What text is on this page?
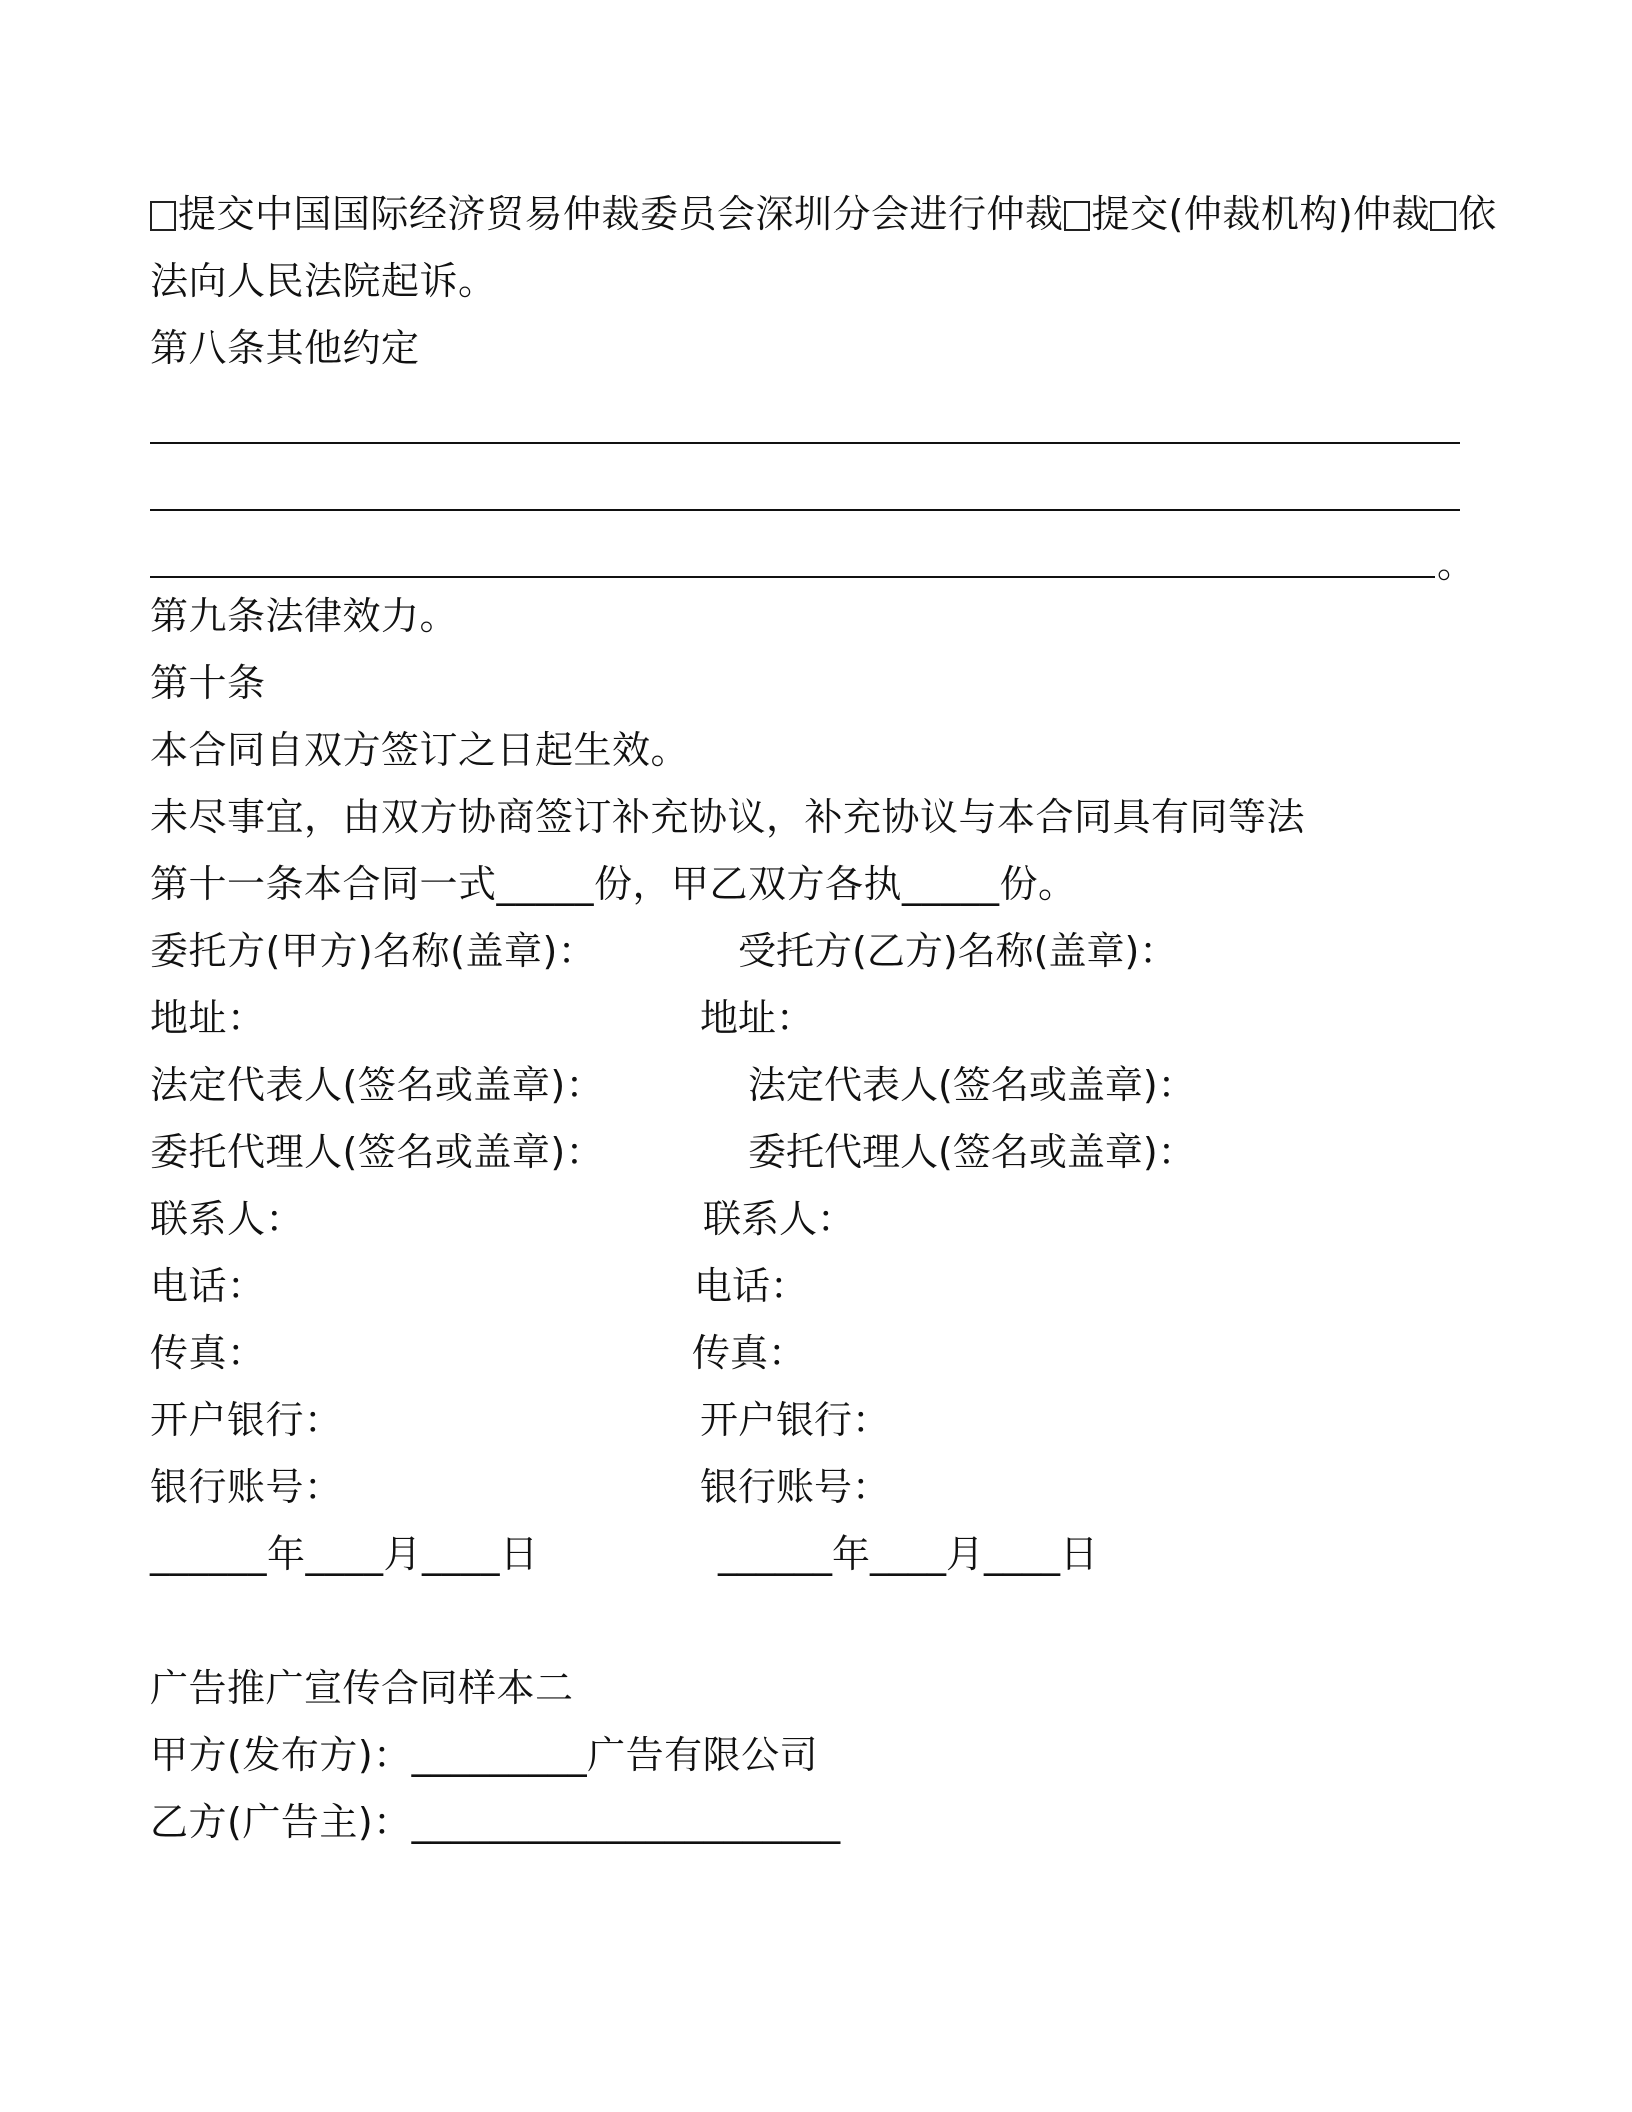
提交中国国际经济贸易仲裁委员会深圳分会进行仲裁 提交(仲裁机构)仲裁 依
法向人民法院起诉。
第八条其他约定
。
第九条法律效力。
第十条
本合同自双方签订之日起生效。
未尽事宜，由双方协商签订补充协议，补充协议与本合同具有同等法
第十一条本合同一式_____份，甲乙双方各执_____份。
委托方(甲方)名称(盖章)：	受托方(乙方)名称(盖章)：
地址：	地址：
法定代表人(签名或盖章)：	法定代表人(签名或盖章)：
委托代理人(签名或盖章)：	委托代理人(签名或盖章)：
联系人：	联系人：
电话：	电话：
传真：	传真：
开户银行：	开户银行：
银行账号：	银行账号：
______年____月____日	______年____月____日
广告推广宣传合同样本二
甲方(发布方)：_________广告有限公司
乙方(广告主)：______________________
